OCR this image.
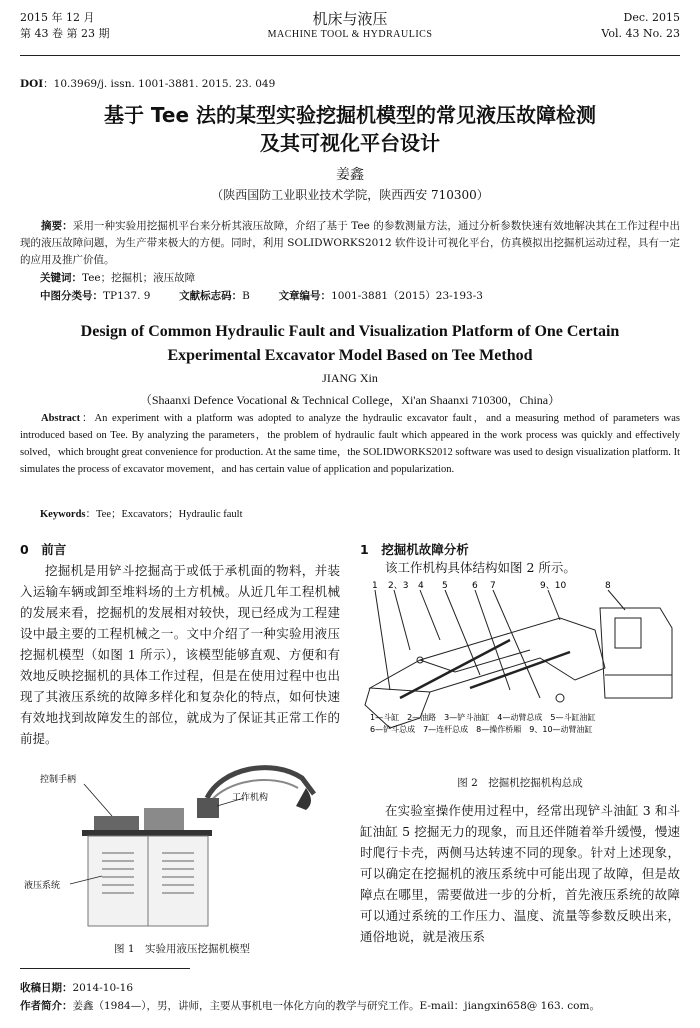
2015 年 12 月
第 43 卷 第 23 期
机床与液压
MACHINE TOOL & HYDRAULICS
Dec. 2015
Vol. 43 No. 23
DOI：10.3969/j. issn. 1001-3881. 2015. 23. 049
基于 Tee 法的某型实验挖掘机模型的常见液压故障检测
及其可视化平台设计
姜鑫
（陕西国防工业职业技术学院，陕西西安 710300）
摘要：采用一种实验用挖掘机平台来分析其液压故障，介绍了基于 Tee 的参数测量方法，通过分析参数快速有效地解决其在工作过程中出现的液压故障问题，为生产带来极大的方便。同时，利用 SOLIDWORKS2012 软件设计可视化平台，仿真模拟出挖掘机运动过程，具有一定的应用及推广价值。
关键词：Tee；挖掘机；液压故障
中图分类号：TP137. 9	文献标志码：B	文章编号：1001-3881（2015）23-193-3
Design of Common Hydraulic Fault and Visualization Platform of One Certain
Experimental Excavator Model Based on Tee Method
JIANG Xin
（Shaanxi Defence Vocational & Technical College，Xi'an Shaanxi 710300，China）
Abstract：An experiment with a platform was adopted to analyze the hydraulic excavator fault，and a measuring method of parameters was introduced based on Tee. By analyzing the parameters，the problem of hydraulic fault which appeared in the work process was quickly and effectively solved，which brought great convenience for production. At the same time，the SOLIDWORKS2012 software was used to design visualization platform. It simulates the process of excavator movement，and has certain value of application and popularization.
Keywords：Tee；Excavators；Hydraulic fault
0　前言
挖掘机是用铲斗挖掘高于或低于承机面的物料，并装入运输车辆或卸至堆料场的土方机械。从近几年工程机械的发展来看，挖掘机的发展相对较快，现已经成为工程建设中最主要的工程机械之一。文中介绍了一种实验用液压挖掘机模型（如图 1 所示），该模型能够直观、方便和有效地反映挖掘机的具体工作过程，但是在使用过程中也出现了其液压系统的故障多样化和复杂化的特点，如何快速有效地找到故障发生的部位，就成为了保证其正常工作的前提。
控制手柄
工作机构
液压系统
图 1　实验用液压挖掘机模型
1　挖掘机故障分析
该工作机构具体结构如图 2 所示。
1 2、3 4 5	6 7	9、10	8
1—斗缸　2—油路　3—铲斗油缸　4—动臂总成　5—斗缸油缸
6—铲斗总成　7—连杆总成　8—操作桥厢　9、10—动臂油缸
图 2　挖掘机挖掘机构总成
在实验室操作使用过程中，经常出现铲斗油缸 3 和斗缸油缸 5 挖掘无力的现象，而且还伴随着举升缓慢，慢速时爬行卡壳，两侧马达转速不同的现象。针对上述现象，可以确定在挖掘机的液压系统中可能出现了故障，但是故障点在哪里，需要做进一步的分析，首先液压系统的故障可以通过系统的工作压力、温度、流量等参数反映出来，通俗地说，就是液压系
收稿日期：2014-10-16
作者简介：姜鑫（1984—），男，讲师，主要从事机电一体化方向的教学与研究工作。E-mail：jiangxin658@ 163. com。
